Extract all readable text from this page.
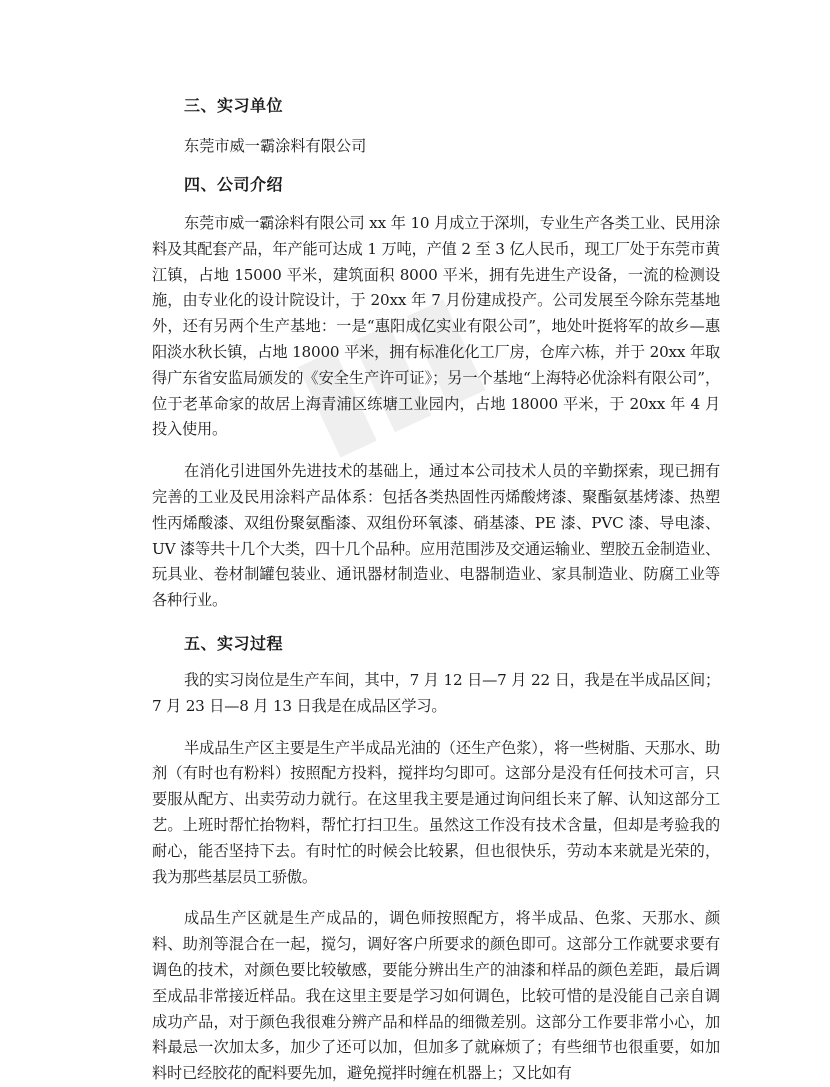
三、实习单位

东莞市威一霸涂料有限公司

四、公司介绍

东莞市威一霸涂料有限公司 xx 年 10 月成立于深圳，专业生产各类工业、民用涂料及其配套产品，年产能可达成 1 万吨，产值 2 至 3 亿人民币，现工厂处于东莞市黄江镇，占地 15000 平米，建筑面积 8000 平米，拥有先进生产设备，一流的检测设施，由专业化的设计院设计，于 20xx 年 7 月份建成投产。公司发展至今除东莞基地外，还有另两个生产基地：一是“惠阳成亿实业有限公司”，地处叶挺将军的故乡—惠阳淡水秋长镇，占地 18000 平米，拥有标准化化工厂房，仓库六栋，并于 20xx 年取得广东省安监局颁发的《安全生产许可证》；另一个基地“上海特必优涂料有限公司”，位于老革命家的故居上海青浦区练塘工业园内，占地 18000 平米，于 20xx 年 4 月投入使用。

在消化引进国外先进技术的基础上，通过本公司技术人员的辛勤探索，现已拥有完善的工业及民用涂料产品体系：包括各类热固性丙烯酸烤漆、聚酯氨基烤漆、热塑性丙烯酸漆、双组份聚氨酯漆、双组份环氧漆、硝基漆、PE 漆、PVC 漆、导电漆、UV 漆等共十几个大类，四十几个品种。应用范围涉及交通运输业、塑胶五金制造业、玩具业、卷材制罐包装业、通讯器材制造业、电器制造业、家具制造业、防腐工业等各种行业。

五、实习过程

我的实习岗位是生产车间，其中，7 月 12 日—7 月 22 日，我是在半成品区间；7 月 23 日—8 月 13 日我是在成品区学习。

半成品生产区主要是生产半成品光油的（还生产色浆），将一些树脂、天那水、助剂（有时也有粉料）按照配方投料，搅拌均匀即可。这部分是没有任何技术可言，只要服从配方、出卖劳动力就行。在这里我主要是通过询问组长来了解、认知这部分工艺。上班时帮忙抬物料，帮忙打扫卫生。虽然这工作没有技术含量，但却是考验我的耐心，能否坚持下去。有时忙的时候会比较累，但也很快乐，劳动本来就是光荣的，我为那些基层员工骄傲。

成品生产区就是生产成品的，调色师按照配方，将半成品、色浆、天那水、颜料、助剂等混合在一起，搅匀，调好客户所要求的颜色即可。这部分工作就要求要有调色的技术，对颜色要比较敏感，要能分辨出生产的油漆和样品的颜色差距，最后调至成品非常接近样品。我在这里主要是学习如何调色，比较可惜的是没能自己亲自调成功产品，对于颜色我很难分辨产品和样品的细微差别。这部分工作要非常小心，加料最忌一次加太多，加少了还可以加，但加多了就麻烦了；有些细节也很重要，如加料时已经胶花的配料要先加，避免搅拌时缠在机器上；又比如有
